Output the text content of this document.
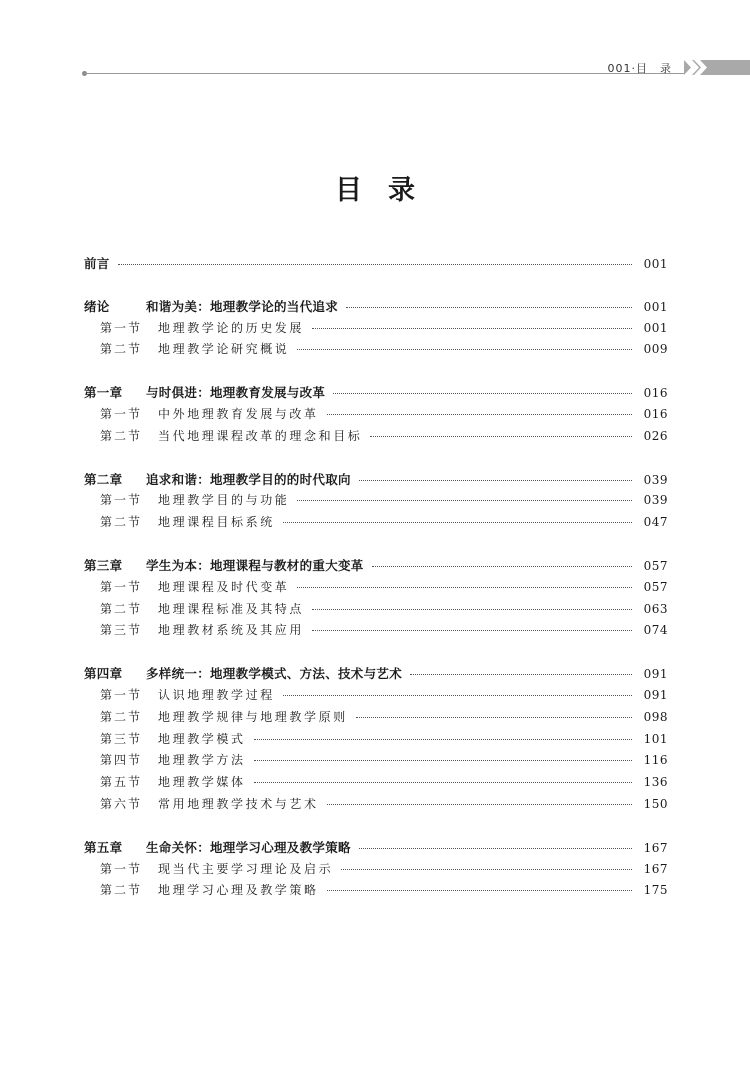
001·目　录
目录
前言	001
绪论	和谐为美：地理教学论的当代追求	001
第一节 地理教学论的历史发展	001
第二节 地理教学论研究概说	009
第一章 与时俱进：地理教育发展与改革	016
第一节 中外地理教育发展与改革	016
第二节 当代地理课程改革的理念和目标	026
第二章 追求和谐：地理教学目的的时代取向	039
第一节 地理教学目的与功能	039
第二节 地理课程目标系统	047
第三章 学生为本：地理课程与教材的重大变革	057
第一节 地理课程及时代变革	057
第二节 地理课程标准及其特点	063
第三节 地理教材系统及其应用	074
第四章 多样统一：地理教学模式、方法、技术与艺术	091
第一节 认识地理教学过程	091
第二节 地理教学规律与地理教学原则	098
第三节 地理教学模式	101
第四节 地理教学方法	116
第五节 地理教学媒体	136
第六节 常用地理教学技术与艺术	150
第五章 生命关怀：地理学习心理及教学策略	167
第一节 现当代主要学习理论及启示	167
第二节 地理学习心理及教学策略	175
